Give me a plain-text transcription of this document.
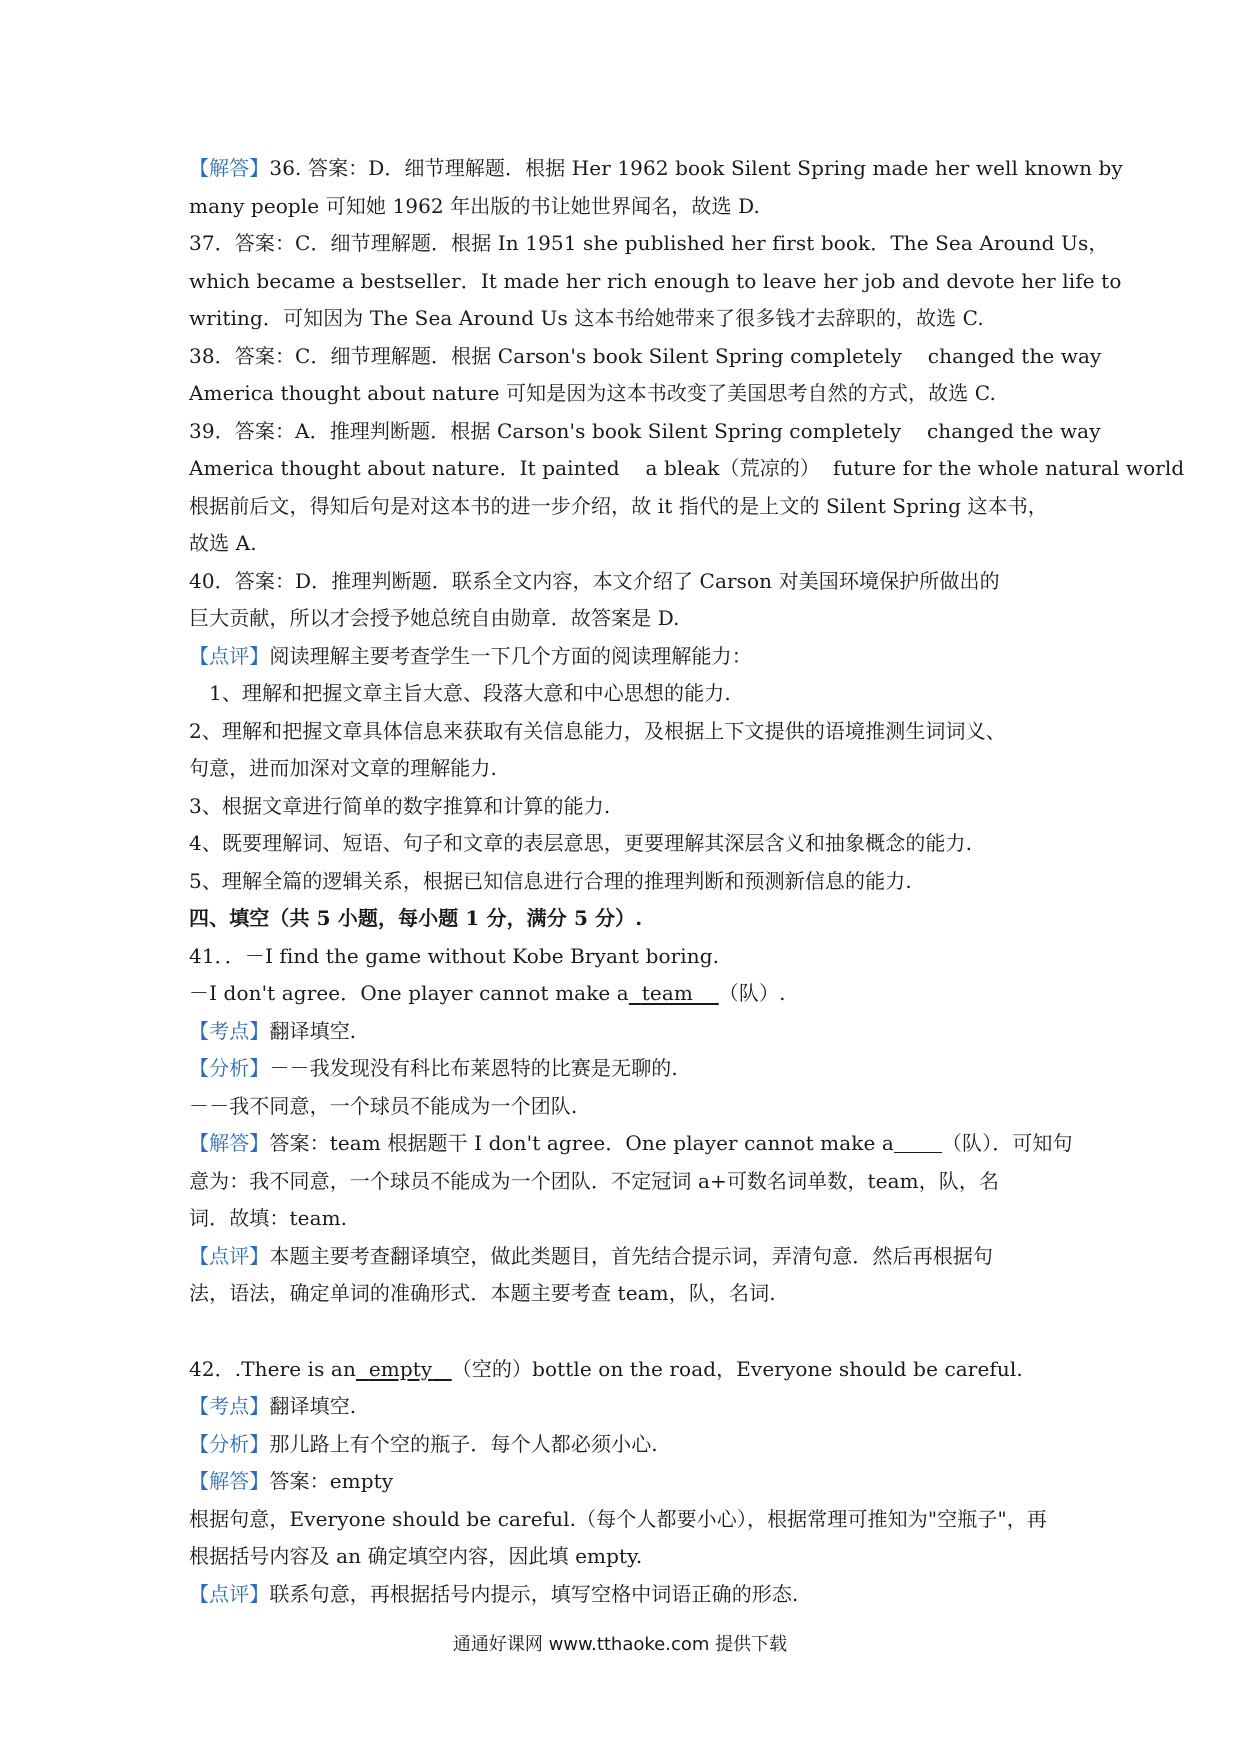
【解答】36. 答案：D．细节理解题．根据 Her 1962 book Silent Spring made her well known by
many people 可知她 1962 年出版的书让她世界闻名，故选 D.
37．答案：C．细节理解题．根据 In 1951 she published her first book．The Sea Around Us，
which became a bestseller．It made her rich enough to leave her job and devote her life to
writing．可知因为 The Sea Around Us 这本书给她带来了很多钱才去辞职的，故选 C.
38．答案：C．细节理解题．根据 Carson's book Silent Spring completely    changed the way
America thought about nature 可知是因为这本书改变了美国思考自然的方式，故选 C.
39．答案：A．推理判断题．根据 Carson's book Silent Spring completely    changed the way
America thought about nature．It painted    a bleak（荒凉的）  future for the whole natural world
根据前后文，得知后句是对这本书的进一步介绍，故 it 指代的是上文的 Silent Spring 这本书，
故选 A.
40．答案：D．推理判断题．联系全文内容，本文介绍了 Carson 对美国环境保护所做出的
巨大贡献，所以才会授予她总统自由勋章．故答案是 D.
【点评】阅读理解主要考查学生一下几个方面的阅读理解能力：
1、理解和把握文章主旨大意、段落大意和中心思想的能力.
2、理解和把握文章具体信息来获取有关信息能力，及根据上下文提供的语境推测生词词义、
句意，进而加深对文章的理解能力.
3、根据文章进行简单的数字推算和计算的能力.
4、既要理解词、短语、句子和文章的表层意思，更要理解其深层含义和抽象概念的能力.
5、理解全篇的逻辑关系，根据已知信息进行合理的推理判断和预测新信息的能力.
四、填空（共 5 小题，每小题 1 分，满分 5 分）.
41．．－I find the game without Kobe Bryant boring.
－I don't agree．One player cannot make a team （队）.
【考点】翻译填空.
【分析】－－我发现没有科比布莱恩特的比赛是无聊的.
－－我不同意，一个球员不能成为一个团队.
【解答】答案：team 根据题干 I don't agree．One player cannot make a （队）．可知句
意为：我不同意，一个球员不能成为一个团队．不定冠词 a+可数名词单数，team，队，名
词．故填：team.
【点评】本题主要考查翻译填空，做此类题目，首先结合提示词，弄清句意．然后再根据句
法，语法，确定单词的准确形式．本题主要考查 team，队，名词.
42．.There is an empty （空的）bottle on the road，Everyone should be careful.
【考点】翻译填空.
【分析】那儿路上有个空的瓶子．每个人都必须小心.
【解答】答案：empty
根据句意，Everyone should be careful.（每个人都要小心），根据常理可推知为"空瓶子"，再
根据括号内容及 an 确定填空内容，因此填 empty.
【点评】联系句意，再根据括号内提示，填写空格中词语正确的形态.
通通好课网 www.tthaoke.com 提供下载
